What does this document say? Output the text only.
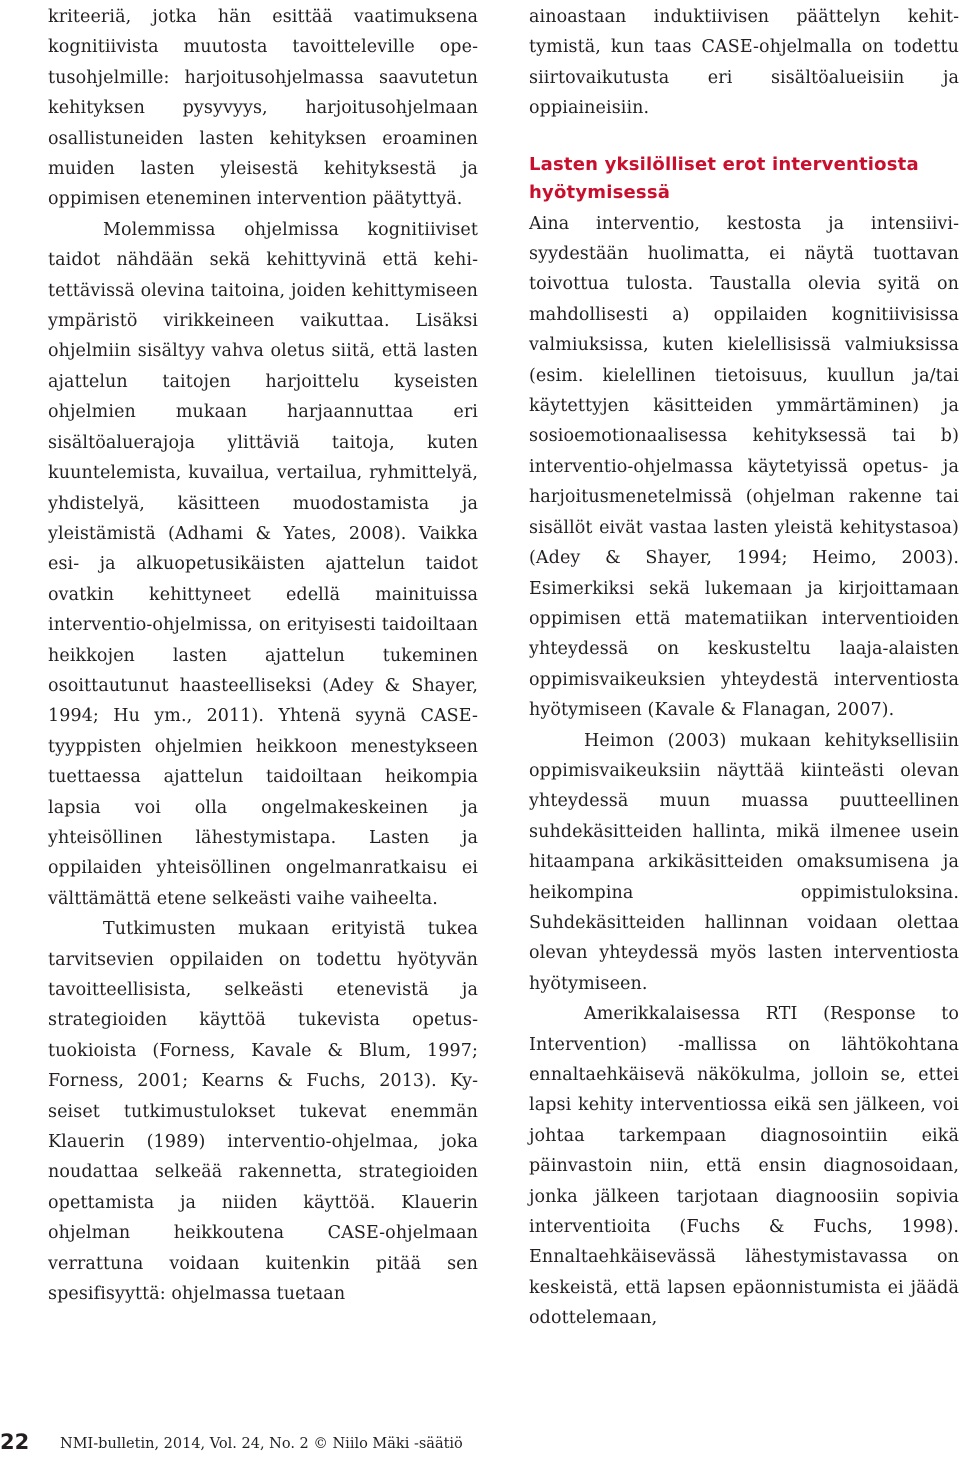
kriteeriä, jotka hän esittää vaatimuksena kognitiivista muutosta tavoitteleville opetusohjelmille: harjoitusohjelmassa saavutetun kehityksen pysyvyys, harjoitusohjelmaan osallistuneiden lasten kehityksen eroaminen muiden lasten yleisestä kehityksestä ja oppimisen eteneminen intervention päätyttyä.

Molemmissa ohjelmissa kognitiiviset taidot nähdään sekä kehittyvinä että kehitettävissä olevina taitoina, joiden kehittymiseen ympäristö virikkeineen vaikuttaa. Lisäksi ohjelmiin sisältyy vahva oletus siitä, että lasten ajattelun taitojen harjoittelu kyseisten ohjelmien mukaan harjaannuttaa eri sisältöaluerajoja ylittäviä taitoja, kuten kuuntelemista, kuvailua, vertailua, ryhmittelyä, yhdistelyä, käsitteen muodostamista ja yleistämistä (Adhami & Yates, 2008). Vaikka esi- ja alkuopetusikäisten ajattelun taidot ovatkin kehittyneet edellä mainituissa interventio-ohjelmissa, on erityisesti taidoiltaan heikkojen lasten ajattelun tukeminen osoittautunut haasteelliseksi (Adey & Shayer, 1994; Hu ym., 2011). Yhtenä syynä CASE-tyyppisten ohjelmien heikkoon menestykseen tuettaessa ajattelun taidoiltaan heikompia lapsia voi olla ongelmakeskeinen ja yhteisöllinen lähestymistapa. Lasten ja oppilaiden yhteisöllinen ongelmanratkaisu ei välttämättä etene selkeästi vaihe vaiheelta.

Tutkimusten mukaan erityistä tukea tarvitsevien oppilaiden on todettu hyötyvän tavoitteellisista, selkeästi etenevistä ja strategioiden käyttöä tukevista opetustuokioista (Forness, Kavale & Blum, 1997; Forness, 2001; Kearns & Fuchs, 2013). Kyseiset tutkimustulokset tukevat enemmän Klauerin (1989) interventio-ohjelmaa, joka noudattaa selkeää rakennetta, strategioiden opettamista ja niiden käyttöä. Klauerin ohjelman heikkoutena CASE-ohjelmaan verrattuna voidaan kuitenkin pitää sen spesifisyyttä: ohjelmassa tuetaan

ainoastaan induktiivisen päättelyn kehittymistä, kun taas CASE-ohjelmalla on todettu siirtovaikutusta eri sisältöalueisiin ja oppiaineisiin.

Lasten yksilölliset erot interventiosta hyötymisessä

Aina interventio, kestosta ja intensiivisyydestään huolimatta, ei näytä tuottavan toivottua tulosta. Taustalla olevia syitä on mahdollisesti a) oppilaiden kognitiivisissa valmiuksissa, kuten kielellisissä valmiuksissa (esim. kielellinen tietoisuus, kuullun ja/tai käytettyjen käsitteiden ymmärtäminen) ja sosioemotionaalisessa kehityksessä tai b) interventio-ohjelmassa käytetyissä opetus- ja harjoitusmenetelmissä (ohjelman rakenne tai sisällöt eivät vastaa lasten yleistä kehitystasoa) (Adey & Shayer, 1994; Heimo, 2003). Esimerkiksi sekä lukemaan ja kirjoittamaan oppimisen että matematiikan interventioiden yhteydessä on keskusteltu laaja-alaisten oppimisvaikeuksien yhteydestä interventiosta hyötymiseen (Kavale & Flanagan, 2007).

Heimon (2003) mukaan kehityksellisiin oppimisvaikeuksiin näyttää kiinteästi olevan yhteydessä muun muassa puutteellinen suhdekäsitteiden hallinta, mikä ilmenee usein hitaampana arkikäsitteiden omaksumisena ja heikompina oppimistuloksina. Suhdekäsitteiden hallinnan voidaan olettaa olevan yhteydessä myös lasten interventiosta hyötymiseen.

Amerikkalaisessa RTI (Response to Intervention) -mallissa on lähtökohtana ennaltaehkäisevä näkökulma, jolloin se, ettei lapsi kehity interventiossa eikä sen jälkeen, voi johtaa tarkempaan diagnosointiin eikä päinvastoin niin, että ensin diagnosoidaan, jonka jälkeen tarjotaan diagnoosiin sopivia interventioita (Fuchs & Fuchs, 1998). Ennaltaehkäisevässä lähestymistavassa on keskeistä, että lapsen epäonnistumista ei jäädä odottelemaan,

22 NMI-bulletin, 2014, Vol. 24, No. 2 © Niilo Mäki -säätiö
